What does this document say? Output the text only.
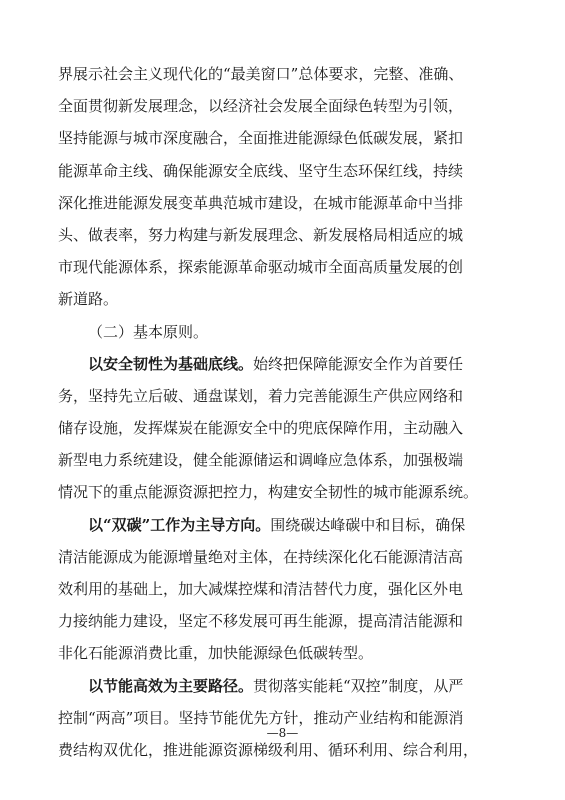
界展示社会主义现代化的“最美窗口”总体要求，完整、准确、
全面贯彻新发展理念，以经济社会发展全面绿色转型为引领，
坚持能源与城市深度融合，全面推进能源绿色低碳发展，紧扣
能源革命主线、确保能源安全底线、坚守生态环保红线，持续
深化推进能源发展变革典范城市建设，在城市能源革命中当排
头、做表率，努力构建与新发展理念、新发展格局相适应的城
市现代能源体系，探索能源革命驱动城市全面高质量发展的创
新道路。
（二）基本原则。
以安全韧性为基础底线。始终把保障能源安全作为首要任
务，坚持先立后破、通盘谋划，着力完善能源生产供应网络和
储存设施，发挥煤炭在能源安全中的兜底保障作用，主动融入
新型电力系统建设，健全能源储运和调峰应急体系，加强极端
情况下的重点能源资源把控力，构建安全韧性的城市能源系统。
以“双碳”工作为主导方向。围绕碳达峰碳中和目标，确保
清洁能源成为能源增量绝对主体，在持续深化化石能源清洁高
效利用的基础上，加大减煤控煤和清洁替代力度，强化区外电
力接纳能力建设，坚定不移发展可再生能源，提高清洁能源和
非化石能源消费比重，加快能源绿色低碳转型。
以节能高效为主要路径。贯彻落实能耗“双控”制度，从严
控制“两高”项目。坚持节能优先方针，推动产业结构和能源消
费结构双优化，推进能源资源梯级利用、循环利用、综合利用，
—8—
